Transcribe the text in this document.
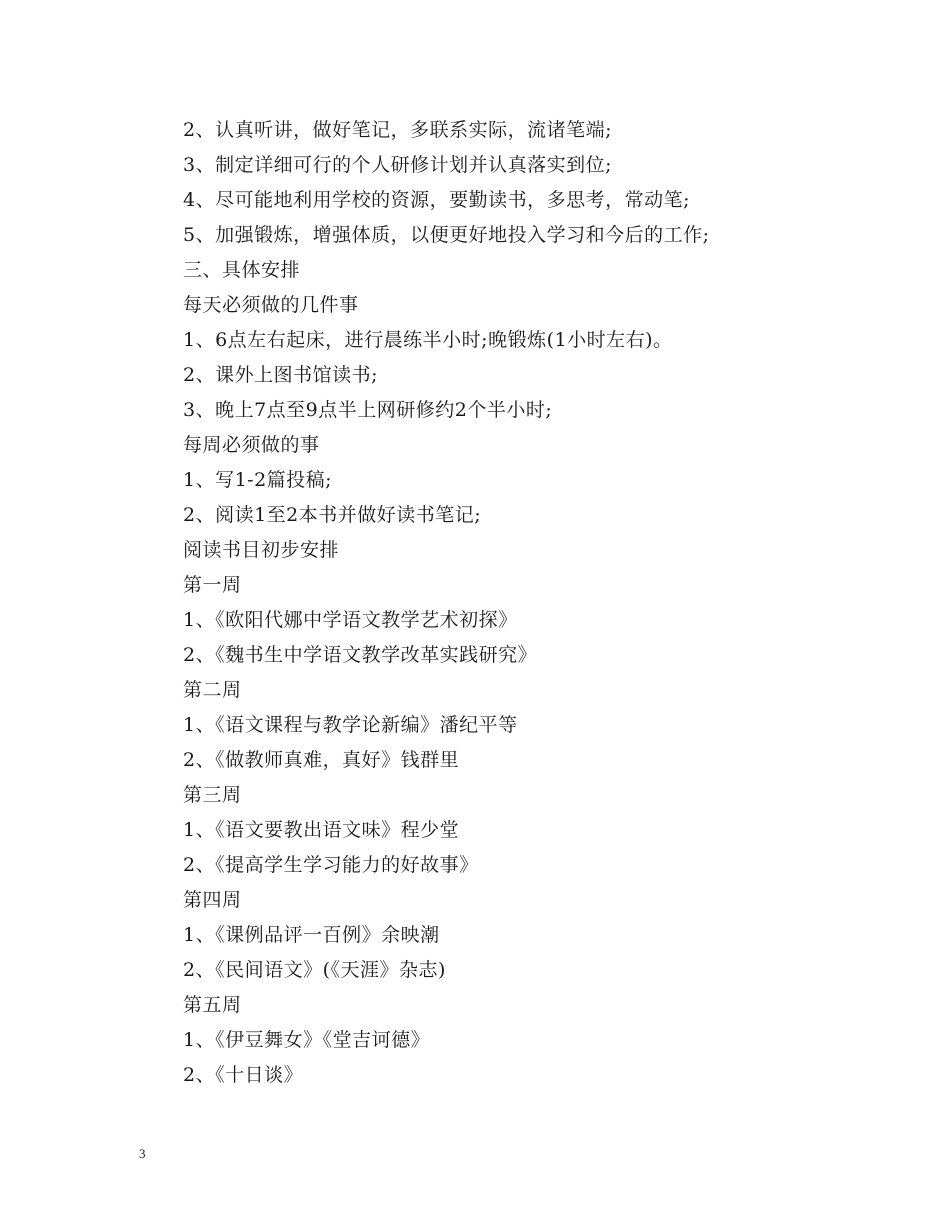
2、认真听讲，做好笔记，多联系实际，流诸笔端;
3、制定详细可行的个人研修计划并认真落实到位;
4、尽可能地利用学校的资源，要勤读书，多思考，常动笔;
5、加强锻炼，增强体质，以便更好地投入学习和今后的工作;
三、具体安排
每天必须做的几件事
1、6点左右起床，进行晨练半小时;晚锻炼(1小时左右)。
2、课外上图书馆读书;
3、晚上7点至9点半上网研修约2个半小时;
每周必须做的事
1、写1-2篇投稿;
2、阅读1至2本书并做好读书笔记;
阅读书目初步安排
第一周
1、《欧阳代娜中学语文教学艺术初探》
2、《魏书生中学语文教学改革实践研究》
第二周
1、《语文课程与教学论新编》潘纪平等
2、《做教师真难，真好》钱群里
第三周
1、《语文要教出语文味》程少堂
2、《提高学生学习能力的好故事》
第四周
1、《课例品评一百例》余映潮
2、《民间语文》(《天涯》杂志)
第五周
1、《伊豆舞女》《堂吉诃德》
2、《十日谈》
3
